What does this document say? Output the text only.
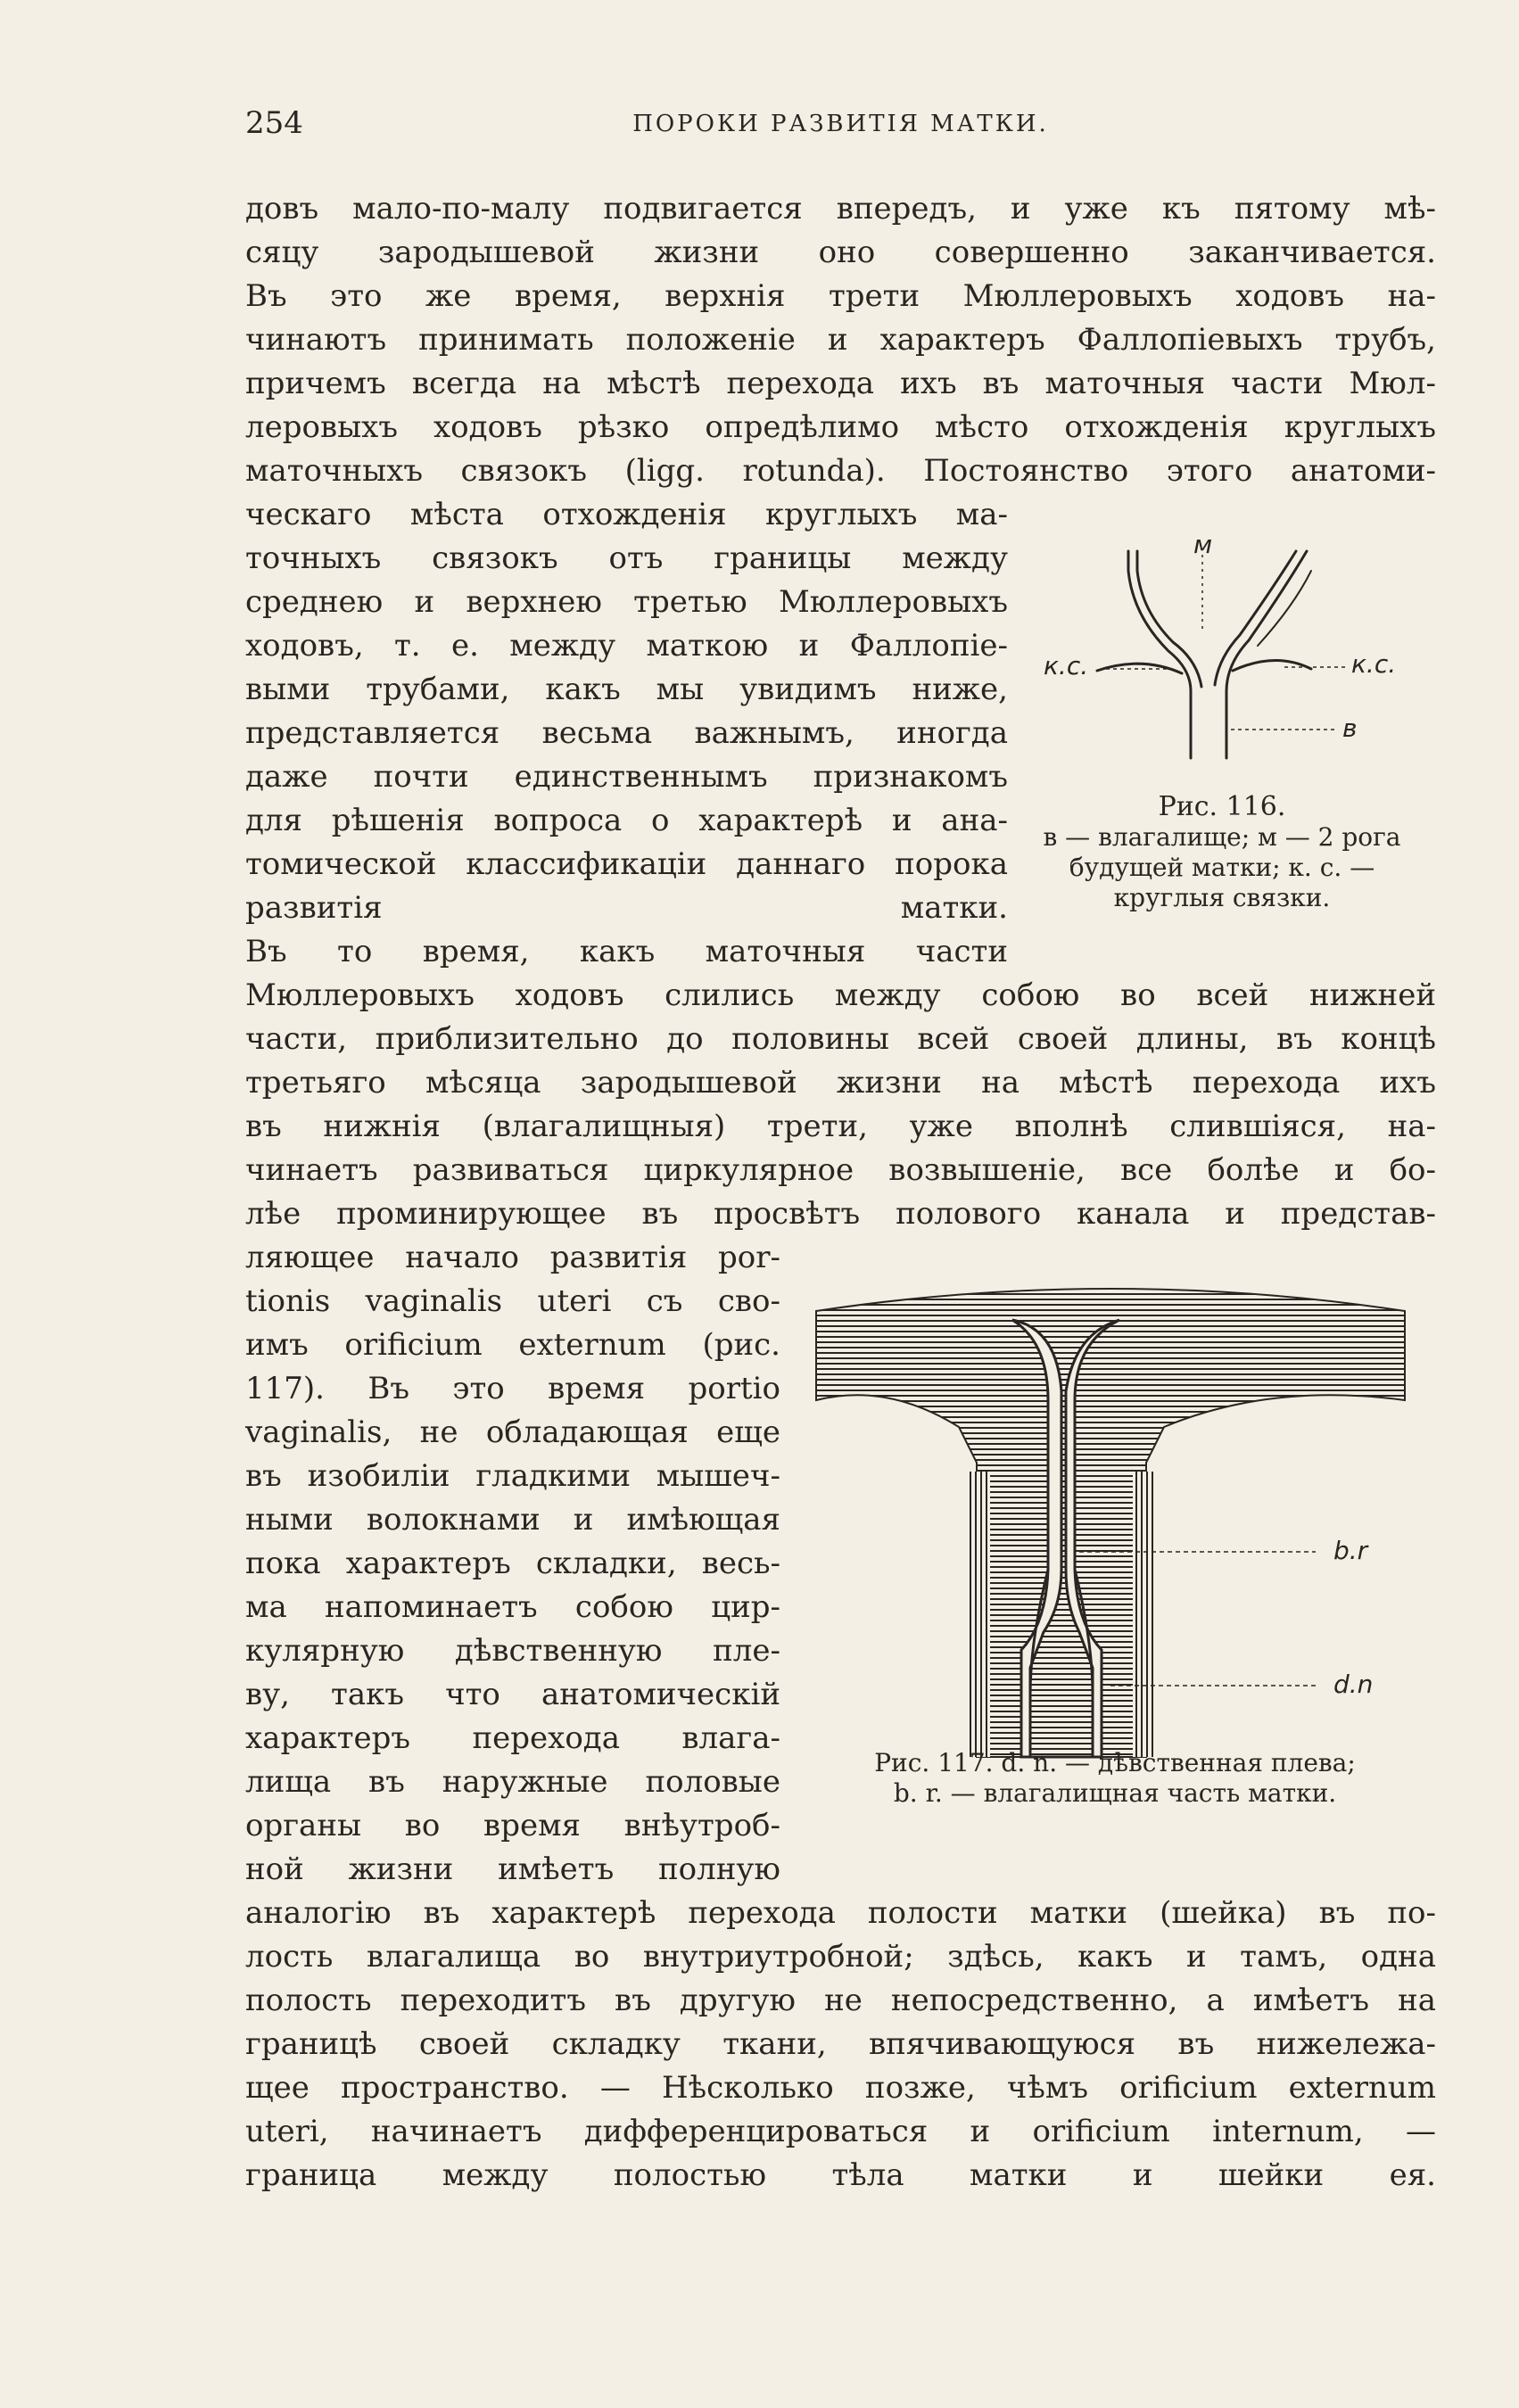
254	ПОРОКИ РАЗВИТІЯ МАТКИ.

довъ мало-по-малу подвигается впередъ, и уже къ пятому мѣ-
сяцу зародышевой жизни оно совершенно заканчивается.

Въ это же время, верхнія трети Мюллеровыхъ ходовъ на-
чинаютъ принимать положеніе и характеръ Фаллопіевыхъ трубъ,
причемъ всегда на мѣстѣ перехода ихъ въ маточныя части Мюл-
леровыхъ ходовъ рѣзко опредѣлимо мѣсто отхожденія круглыхъ
маточныхъ связокъ (ligg. rotunda). Постоянство этого анатоми-

ческаго мѣста отхожденія круглыхъ ма-
точныхъ связокъ отъ границы между
среднею и верхнею третью Мюллеровыхъ
ходовъ, т. е. между маткою и Фаллопіе-
выми трубами, какъ мы увидимъ ниже,
представляется весьма важнымъ, иногда
даже почти единственнымъ признакомъ
для рѣшенія вопроса о характерѣ и ана-
томической классификаціи даннаго порока
развитія матки.

Въ то время, какъ маточныя части

Мюллеровыхъ ходовъ слились между собою во всей нижней
части, приблизительно до половины всей своей длины, въ концѣ
третьяго мѣсяца зародышевой жизни на мѣстѣ перехода ихъ
въ нижнія (влагалищныя) трети, уже вполнѣ слившіяся, на-
чинаетъ развиваться циркулярное возвышеніе, все болѣе и бо-
лѣе проминирующее въ просвѣтъ полового канала и представ-

ляющее начало развитія por-
tionis vaginalis uteri съ сво-
имъ orificium externum (рис.
117). Въ это время portio
vaginalis, не обладающая еще
въ изобиліи гладкими мышеч-
ными волокнами и имѣющая
пока характеръ складки, весь-
ма напоминаетъ собою цир-
кулярную дѣвственную пле-
ву, такъ что анатомическій
характеръ перехода влага-
лища въ наружные половые
органы во время внѣутроб-
ной жизни имѣетъ полную

аналогію въ характерѣ перехода полости матки (шейка) въ по-
лость влагалища во внутриутробной; здѣсь, какъ и тамъ, одна
полость переходитъ въ другую не непосредственно, а имѣетъ на
границѣ своей складку ткани, впячивающуюся въ нижележа-
щее пространство. — Нѣсколько позже, чѣмъ orificium externum
uteri, начинаетъ дифференцироваться и orificium internum, —
граница между полостью тѣла матки и шейки ея.

м
к.с.	к.с.
в
Рис. 116.
в — влагалище; м — 2 рога
будущей матки; к. с. —
круглыя связки.
b.r
d.n
Рис. 117. d. n. — дѣвственная плева;
b. r. — влагалищная часть матки.
